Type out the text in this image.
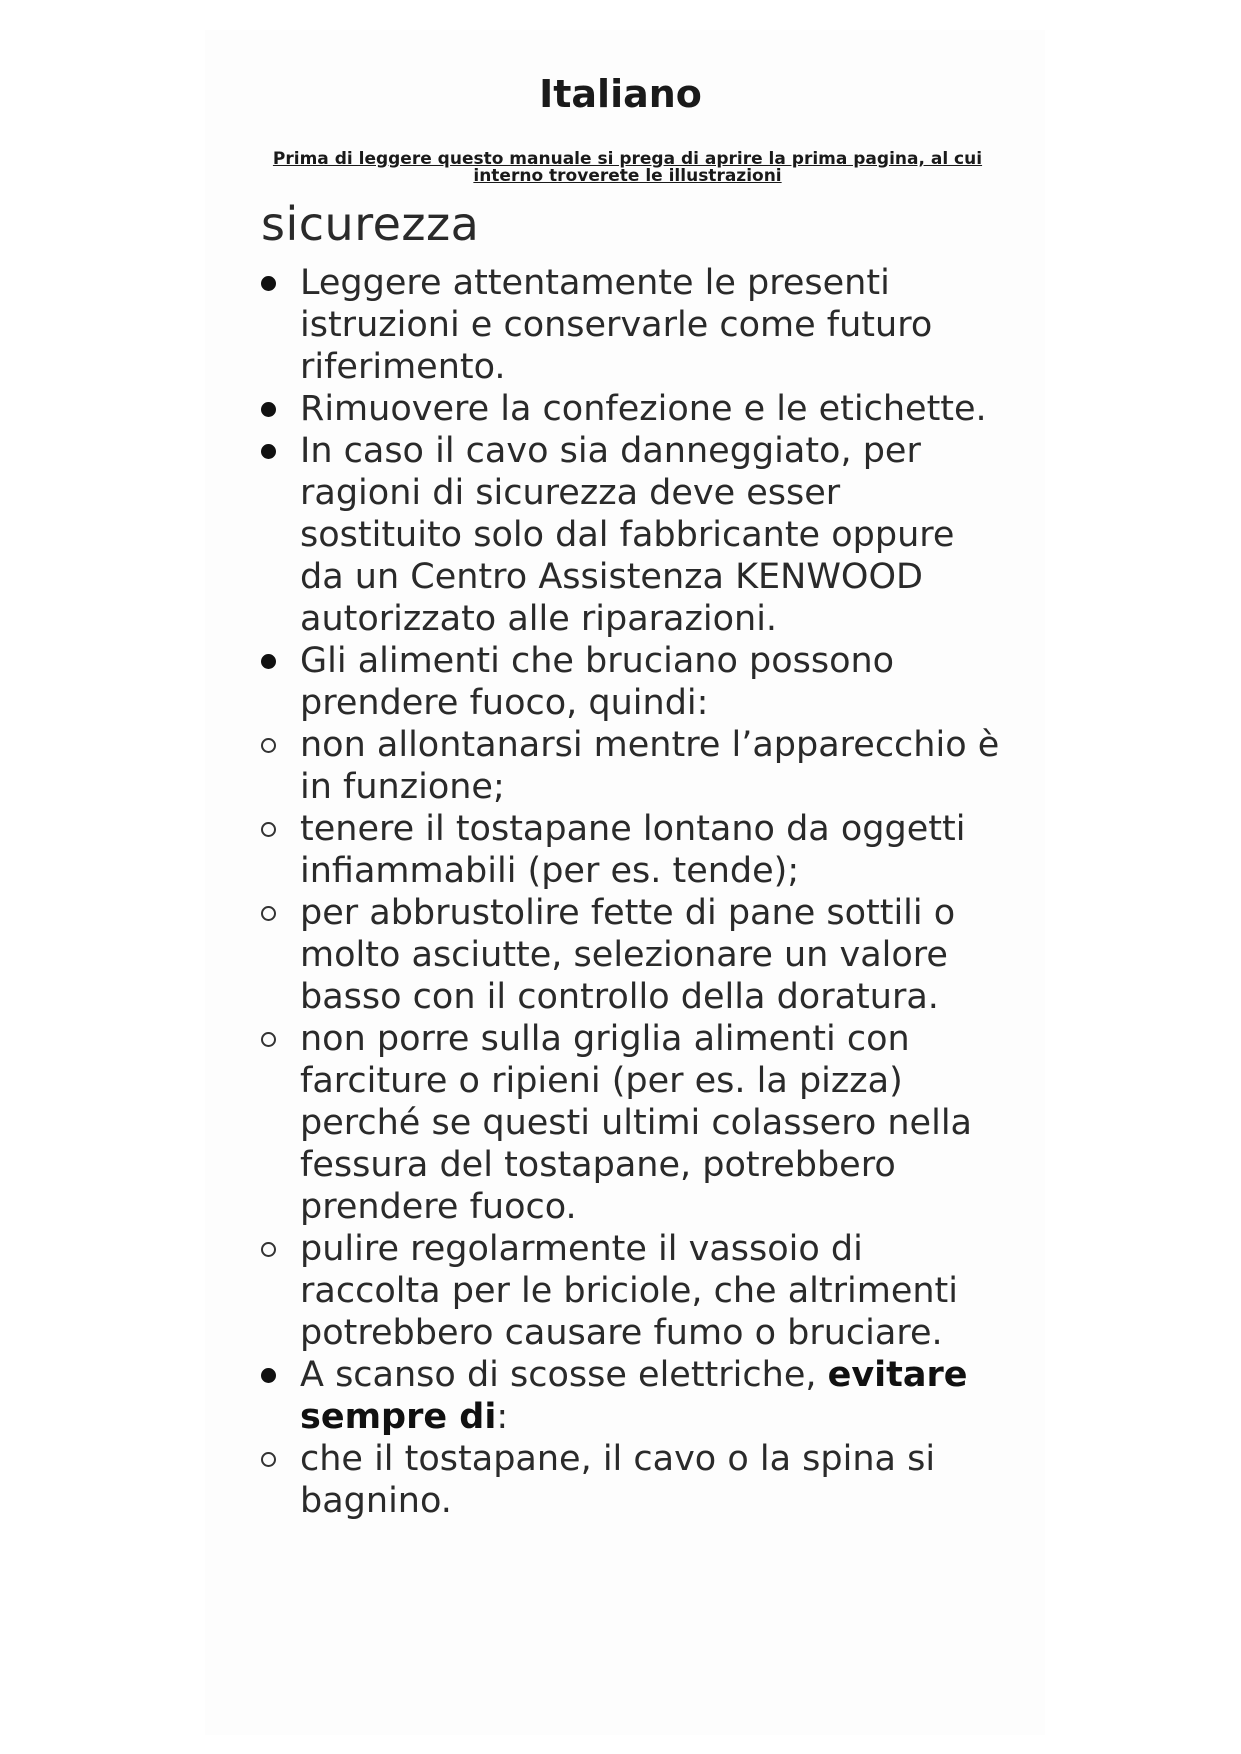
Italiano
Prima di leggere questo manuale si prega di aprire la prima pagina, al cui interno troverete le illustrazioni
sicurezza
Leggere attentamente le presenti istruzioni e conservarle come futuro riferimento.
Rimuovere la confezione e le etichette.
In caso il cavo sia danneggiato, per ragioni di sicurezza deve esser sostituito solo dal fabbricante oppure da un Centro Assistenza KENWOOD autorizzato alle riparazioni.
Gli alimenti che bruciano possono prendere fuoco, quindi:
non allontanarsi mentre l’apparecchio è in funzione;
tenere il tostapane lontano da oggetti infiammabili (per es. tende);
per abbrustolire fette di pane sottili o molto asciutte, selezionare un valore basso con il controllo della doratura.
non porre sulla griglia alimenti con farciture o ripieni (per es. la pizza) perché se questi ultimi colassero nella fessura del tostapane, potrebbero prendere fuoco.
pulire regolarmente il vassoio di raccolta per le briciole, che altrimenti potrebbero causare fumo o bruciare.
A scanso di scosse elettriche, evitare sempre di:
che il tostapane, il cavo o la spina si bagnino.
